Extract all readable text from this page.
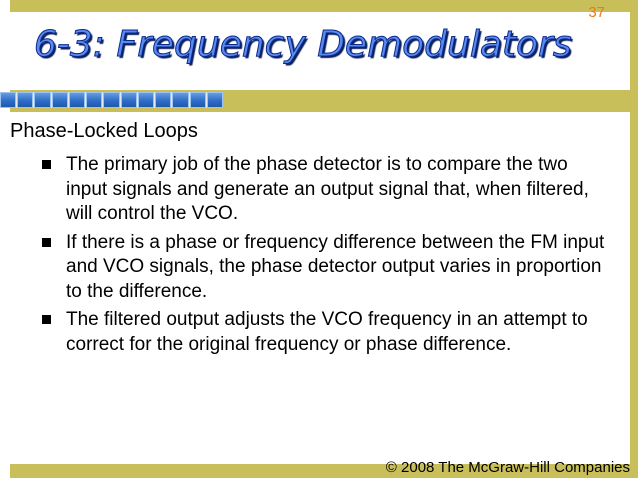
37
6-3: Frequency Demodulators
Phase-Locked Loops
The primary job of the phase detector is to compare the two input signals and generate an output signal that, when filtered, will control the VCO.
If there is a phase or frequency difference between the FM input and VCO signals, the phase detector output varies in proportion to the difference.
The filtered output adjusts the VCO frequency in an attempt to correct for the original frequency or phase difference.
© 2008 The McGraw-Hill Companies
